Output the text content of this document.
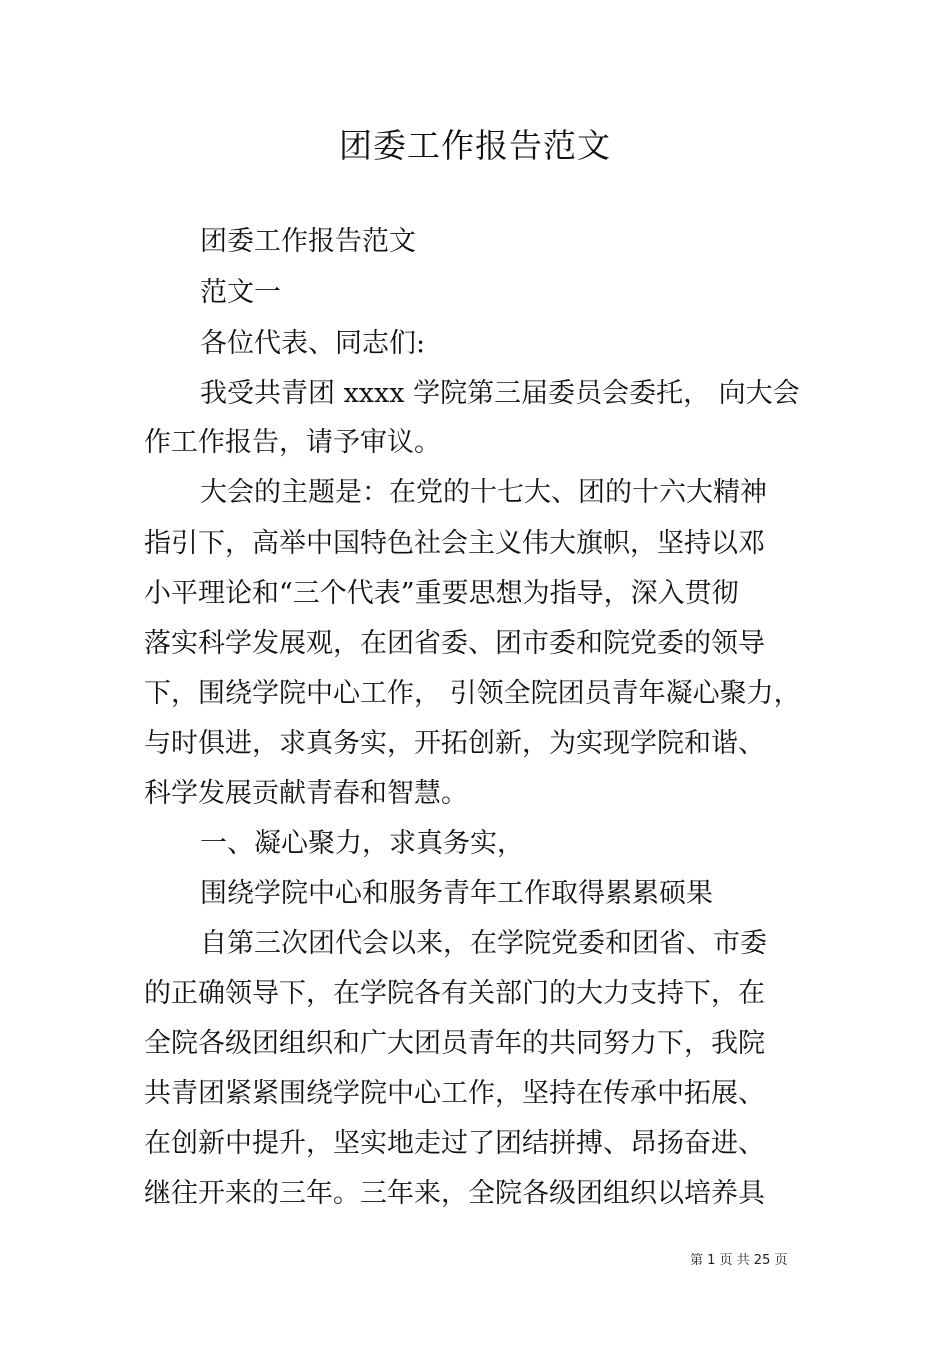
团委工作报告范文
团委工作报告范文
范文一
各位代表、同志们:
我受共青团 xxxx 学院第三届委员会委托， 向大会
作工作报告，请予审议。
大会的主题是：在党的十七大、团的十六大精神
指引下，高举中国特色社会主义伟大旗帜，坚持以邓
小平理论和“三个代表”重要思想为指导，深入贯彻
落实科学发展观，在团省委、团市委和院党委的领导
下，围绕学院中心工作， 引领全院团员青年凝心聚力，
与时俱进，求真务实，开拓创新，为实现学院和谐、
科学发展贡献青春和智慧。
一、凝心聚力，求真务实，
围绕学院中心和服务青年工作取得累累硕果
自第三次团代会以来，在学院党委和团省、市委
的正确领导下，在学院各有关部门的大力支持下，在
全院各级团组织和广大团员青年的共同努力下，我院
共青团紧紧围绕学院中心工作，坚持在传承中拓展、
在创新中提升，坚实地走过了团结拼搏、昂扬奋进、
继往开来的三年。三年来，全院各级团组织以培养具
第 1 页 共 25 页
